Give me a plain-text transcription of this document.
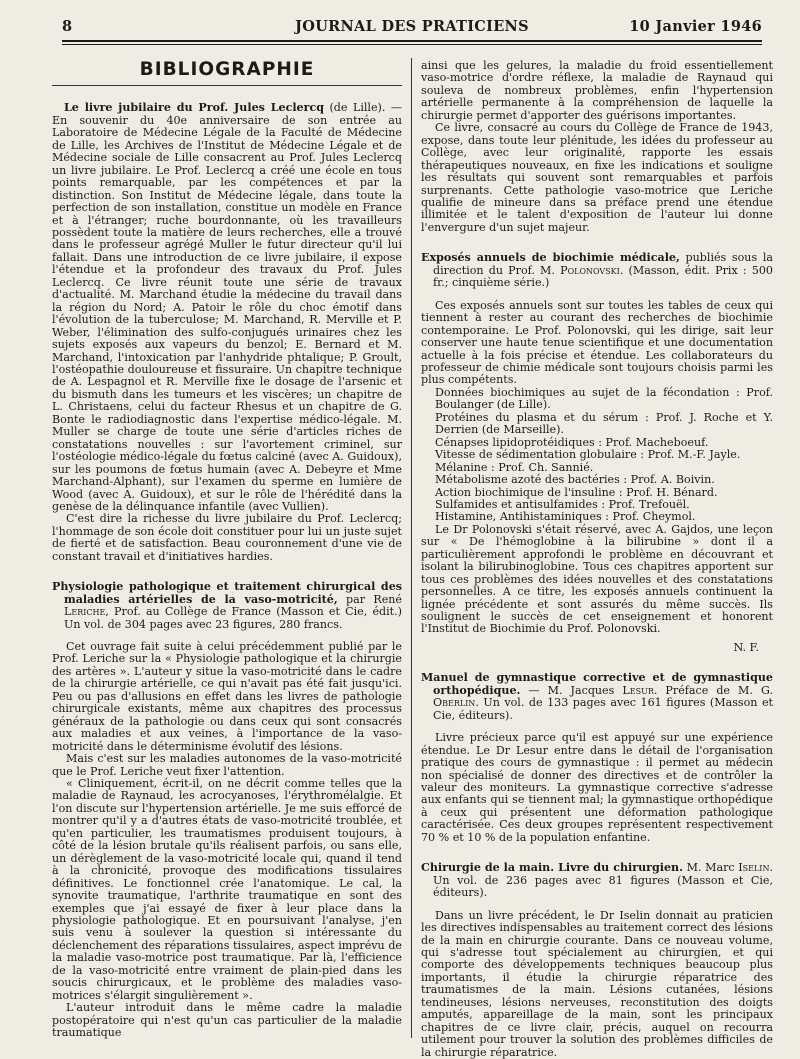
8	JOURNAL DES PRATICIENS	10 Janvier 1946
BIBLIOGRAPHIE

Le livre jubilaire du Prof. Jules Leclercq (de Lille). — En souvenir du 40e anniversaire de son entrée au Laboratoire de Médecine Légale de la Faculté de Médecine de Lille, les Archives de l'Institut de Médecine Légale et de Médecine sociale de Lille consacrent au Prof. Jules Leclercq un livre jubilaire. Le Prof. Leclercq a créé une école en tous points remarquable, par les compétences et par la distinction. Son Institut de Médecine légale, dans toute la perfection de son installation, constitue un modèle en France et à l'étranger; ruche bourdonnante, où les travailleurs possèdent toute la matière de leurs recherches, elle a trouvé dans le professeur agrégé Muller le futur directeur qu'il lui fallait. Dans une introduction de ce livre jubilaire, il expose l'étendue et la profondeur des travaux du Prof. Jules Leclercq. Ce livre réunit toute une série de travaux d'actualité. M. Marchand étudie la médecine du travail dans la région du Nord; A. Patoir le rôle du choc émotif dans l'évolution de la tuberculose; M. Marchand, R. Merville et P. Weber, l'élimination des sulfo-conjugués urinaires chez les sujets exposés aux vapeurs du benzol; E. Bernard et M. Marchand, l'intoxication par l'anhydride phtalique; P. Groult, l'ostéopathie douloureuse et fissuraire. Un chapitre technique de A. Lespagnol et R. Merville fixe le dosage de l'arsenic et du bismuth dans les tumeurs et les viscères; un chapitre de L. Christaens, celui du facteur Rhesus et un chapitre de G. Bonte le radiodiagnostic dans l'expertise médico-légale. M. Muller se charge de toute une série d'articles riches de constatations nouvelles : sur l'avortement criminel, sur l'ostéologie médico-légale du fœtus calciné (avec A. Guidoux), sur les poumons de fœtus humain (avec A. Debeyre et Mme Marchand-Alphant), sur l'examen du sperme en lumière de Wood (avec A. Guidoux), et sur le rôle de l'hérédité dans la genèse de la délinquance infantile (avec Vullien).

C'est dire la richesse du livre jubilaire du Prof. Leclercq; l'hommage de son école doit constituer pour lui un juste sujet de fierté et de satisfaction. Beau couronnement d'une vie de constant travail et d'initiatives hardies.

Physiologie pathologique et traitement chirurgical des maladies artérielles de la vaso-motricité, par René Leriche, Prof. au Collège de France (Masson et Cie, édit.) Un vol. de 304 pages avec 23 figures, 280 francs.

Cet ouvrage fait suite à celui précédemment publié par le Prof. Leriche sur la « Physiologie pathologique et la chirurgie des artères ». L'auteur y situe la vaso-motricité dans le cadre de la chirurgie artérielle, ce qui n'avait pas été fait jusqu'ici. Peu ou pas d'allusions en effet dans les livres de pathologie chirurgicale existants, même aux chapitres des processus généraux de la pathologie ou dans ceux qui sont consacrés aux maladies et aux veines, à l'importance de la vaso-motricité dans le déterminisme évolutif des lésions.

Mais c'est sur les maladies autonomes de la vaso-motricité que le Prof. Leriche veut fixer l'attention.

« Cliniquement, écrit-il, on ne décrit comme telles que la maladie de Raynaud, les acrocyanoses, l'érythromélalgie. Et l'on discute sur l'hypertension artérielle. Je me suis efforcé de montrer qu'il y a d'autres états de vaso-motricité troublée, et qu'en particulier, les traumatismes produisent toujours, à côté de la lésion brutale qu'ils réalisent parfois, ou sans elle, un dérèglement de la vaso-motricité locale qui, quand il tend à la chronicité, provoque des modifications tissulaires définitives. Le fonctionnel crée l'anatomique. Le cal, la synovite traumatique, l'arthrite traumatique en sont des exemples que j'ai essayé de fixer à leur place dans la physiologie pathologique. Et en poursuivant l'analyse, j'en suis venu à soulever la question si intéressante du déclenchement des réparations tissulaires, aspect imprévu de la maladie vaso-motrice post traumatique. Par là, l'efficience de la vaso-motricité entre vraiment de plain-pied dans les soucis chirurgicaux, et le problème des maladies vaso-motrices s'élargit singulièrement ».

L'auteur introduit dans le même cadre la maladie postopératoire qui n'est qu'un cas particulier de la maladie traumatique

ainsi que les gelures, la maladie du froid essentiellement vaso-motrice d'ordre réflexe, la maladie de Raynaud qui souleva de nombreux problèmes, enfin l'hypertension artérielle permanente à la compréhension de laquelle la chirurgie permet d'apporter des guérisons importantes.

Ce livre, consacré au cours du Collège de France de 1943, expose, dans toute leur plénitude, les idées du professeur au Collège, avec leur originalité, rapporte les essais thérapeutiques nouveaux, en fixe les indications et souligne les résultats qui souvent sont remarquables et parfois surprenants. Cette pathologie vaso-motrice que Leriche qualifie de mineure dans sa préface prend une étendue illimitée et le talent d'exposition de l'auteur lui donne l'envergure d'un sujet majeur.

Exposés annuels de biochimie médicale, publiés sous la direction du Prof. M. Polonovski. (Masson, édit. Prix : 500 fr.; cinquième série.)

Ces exposés annuels sont sur toutes les tables de ceux qui tiennent à rester au courant des recherches de biochimie contemporaine. Le Prof. Polonovski, qui les dirige, sait leur conserver une haute tenue scientifique et une documentation actuelle à la fois précise et étendue. Les collaborateurs du professeur de chimie médicale sont toujours choisis parmi les plus compétents.

Données biochimiques au sujet de la fécondation : Prof. Boulanger (de Lille).

Protéines du plasma et du sérum : Prof. J. Roche et Y. Derrien (de Marseille).

Cénapses lipidoprotéidiques : Prof. Macheboeuf.

Vitesse de sédimentation globulaire : Prof. M.-F. Jayle.

Mélanine : Prof. Ch. Sannié.

Métabolisme azoté des bactéries : Prof. A. Boivin.

Action biochimique de l'insuline : Prof. H. Bénard.

Sulfamides et antisulfamides : Prof. Trefouël.

Histamine, Antihistaminiques : Prof. Cheymol.

Le Dr Polonovski s'était réservé, avec A. Gajdos, une leçon sur « De l'hémoglobine à la bilirubine » dont il a particulièrement approfondi le problème en découvrant et isolant la bilirubinoglobine. Tous ces chapitres apportent sur tous ces problèmes des idées nouvelles et des constatations personnelles. A ce titre, les exposés annuels continuent la lignée précédente et sont assurés du même succès. Ils soulignent le succès de cet enseignement et honorent l'Institut de Biochimie du Prof. Polonovski.

N. F.

Manuel de gymnastique corrective et de gymnastique orthopédique. — M. Jacques Lesur. Préface de M. G. Oberlin. Un vol. de 133 pages avec 161 figures (Masson et Cie, éditeurs).

Livre précieux parce qu'il est appuyé sur une expérience étendue. Le Dr Lesur entre dans le détail de l'organisation pratique des cours de gymnastique : il permet au médecin non spécialisé de donner des directives et de contrôler la valeur des moniteurs. La gymnastique corrective s'adresse aux enfants qui se tiennent mal; la gymnastique orthopédique à ceux qui présentent une déformation pathologique caractérisée. Ces deux groupes représentent respectivement 70 % et 10 % de la population enfantine.

Chirurgie de la main. Livre du chirurgien. M. Marc Iselin. Un vol. de 236 pages avec 81 figures (Masson et Cie, éditeurs).

Dans un livre précédent, le Dr Iselin donnait au praticien les directives indispensables au traitement correct des lésions de la main en chirurgie courante. Dans ce nouveau volume, qui s'adresse tout spécialement au chirurgien, et qui comporte des développements techniques beaucoup plus importants, il étudie la chirurgie réparatrice des traumatismes de la main. Lésions cutanées, lésions tendineuses, lésions nerveuses, reconstitution des doigts amputés, appareillage de la main, sont les principaux chapitres de ce livre clair, précis, auquel on recourra utilement pour trouver la solution des problèmes difficiles de la chirurgie réparatrice.
